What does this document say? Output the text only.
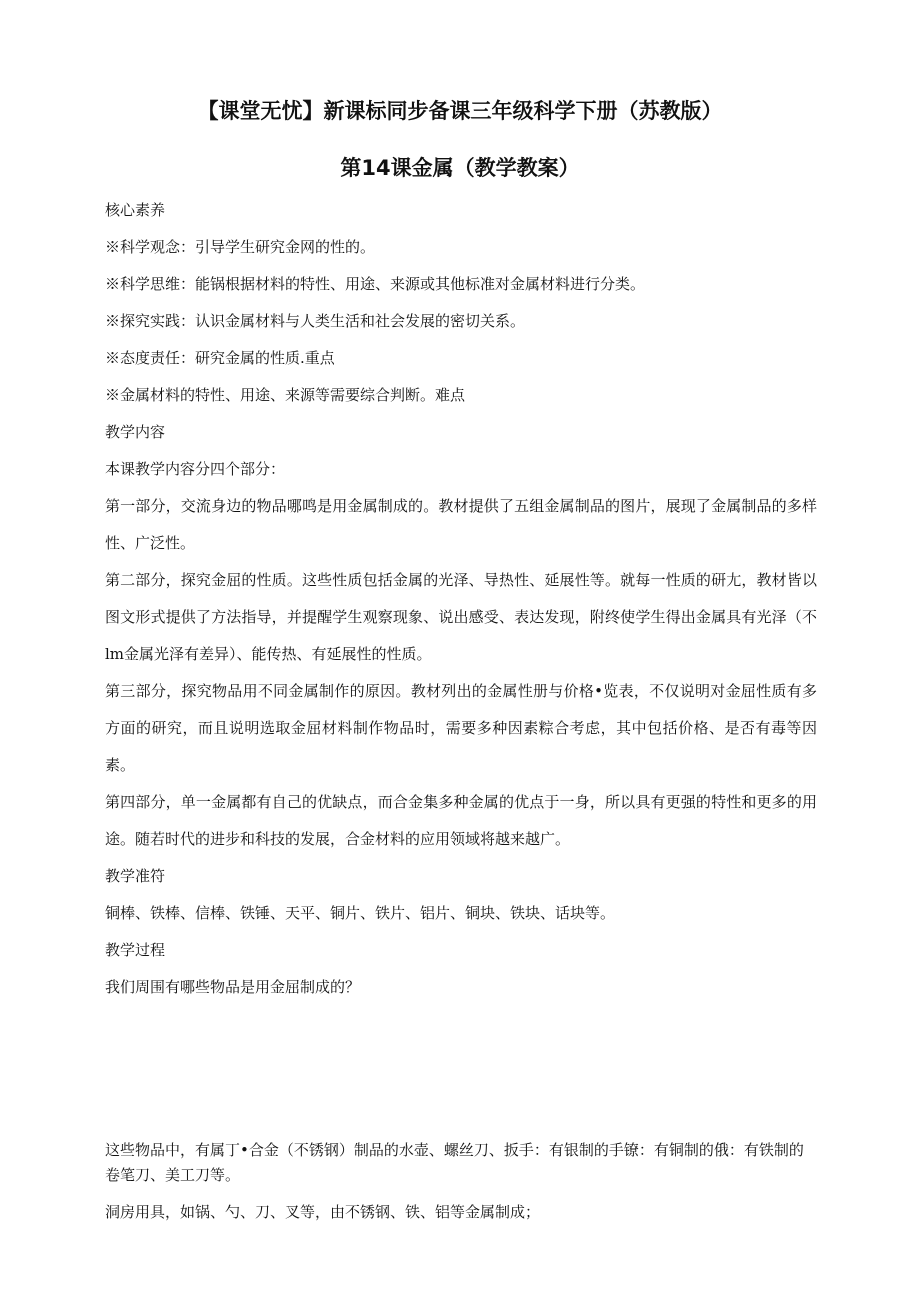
【课堂无忧】新课标同步备课三年级科学下册（苏教版）
第14课金属（教学教案）

核心素养

※科学观念：引导学生研究金网的性的。

※科学思维：能锅根据材料的特性、用途、来源或其他标准对金属材料进行分类。

※探究实践：认识金属材料与人类生活和社会发展的密切关系。

※态度责任：研究金属的性质.重点

※金属材料的特性、用途、来源等需要综合判断。难点

教学内容

本课教学内容分四个部分：

第一部分，交流身边的物品哪鸣是用金属制成的。教材提供了五组金属制品的图片，展现了金属制品的多样性、广泛性。

第二部分，探究金屈的性质。这些性质包括金属的光泽、导热性、延展性等。就每一性质的研尢，教材皆以图文形式提供了方法指导，并提醒学生观察现象、说出感受、表达发现，附终使学生得出金属具有光泽（不lm金属光泽有差异）、能传热、有延展性的性质。

第三部分，探究物品用不同金属制作的原因。教材列出的金属性册与价格•览表，不仅说明对金屈性质有多方面的研究，而且说明选取金屈材料制作物品时，需要多种因素粽合考虑，其中包括价格、是否有毒等因素。

第四部分，单一金属都有自己的优缺点，而合金集多种金属的优点于一身，所以具有更强的特性和更多的用途。随若时代的进步和科技的发展，合金材料的应用领域将越来越广。

教学准符

铜棒、铁棒、信棒、铁锤、天平、铜片、铁片、铝片、铜块、铁块、话块等。

教学过程

我们周围有哪些物品是用金屈制成的？

这些物品中，有属丁•合金（不锈钢）制品的水壶、螺丝刀、扳手：有银制的手镣：有铜制的俄：有铁制的卷笔刀、美工刀等。

洞房用具，如锅、勺、刀、叉等，由不锈钢、铁、铝等金属制成；
